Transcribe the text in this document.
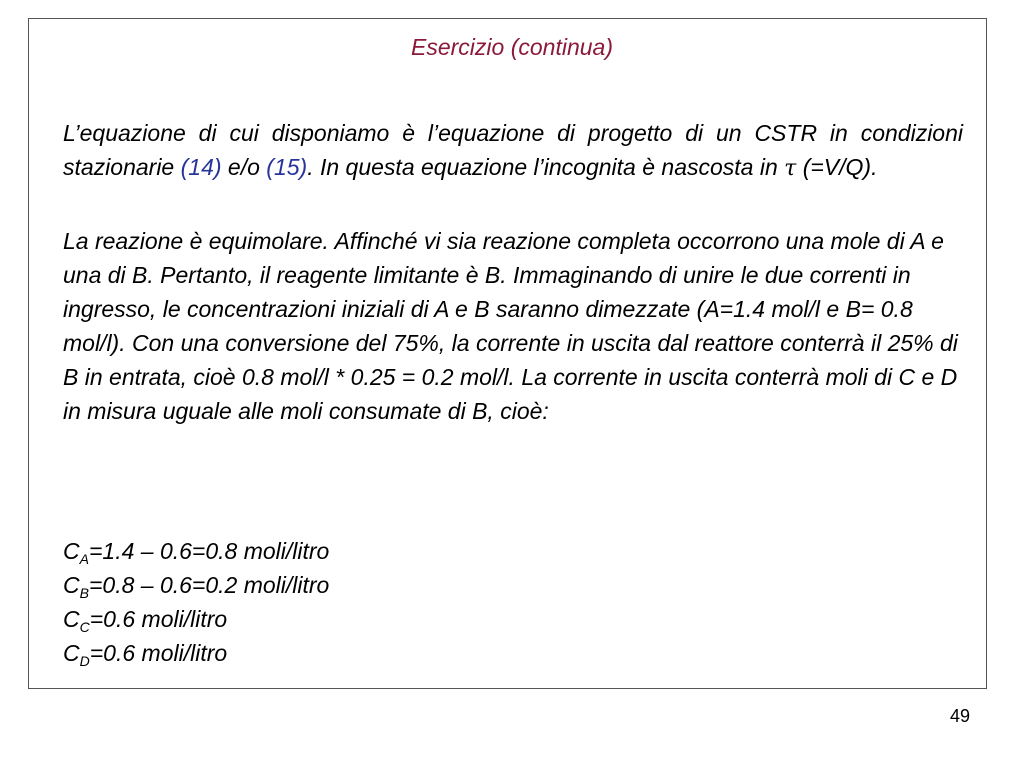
Esercizio (continua)

L’equazione di cui disponiamo è l’equazione di progetto di un CSTR in condizioni stazionarie (14) e/o (15). In questa equazione l’incognita è nascosta in τ (=V/Q).

La reazione è equimolare. Affinché vi sia reazione completa occorrono una mole di A e una di B. Pertanto, il reagente limitante è B. Immaginando di unire le due correnti in ingresso, le concentrazioni iniziali di A e B saranno dimezzate (A=1.4 mol/l e B= 0.8 mol/l). Con una conversione del 75%, la corrente in uscita dal reattore conterrà il 25% di B in entrata, cioè 0.8 mol/l * 0.25 = 0.2 mol/l. La corrente in uscita conterrà moli di C e D in misura uguale alle moli consumate di B, cioè:

$C_A=1.4 - 0.6=0.8$ moli/litro
$C_B=0.8 - 0.6=0.2$ moli/litro
$C_C=0.6$ moli/litro
$C_D=0.6$ moli/litro
49
